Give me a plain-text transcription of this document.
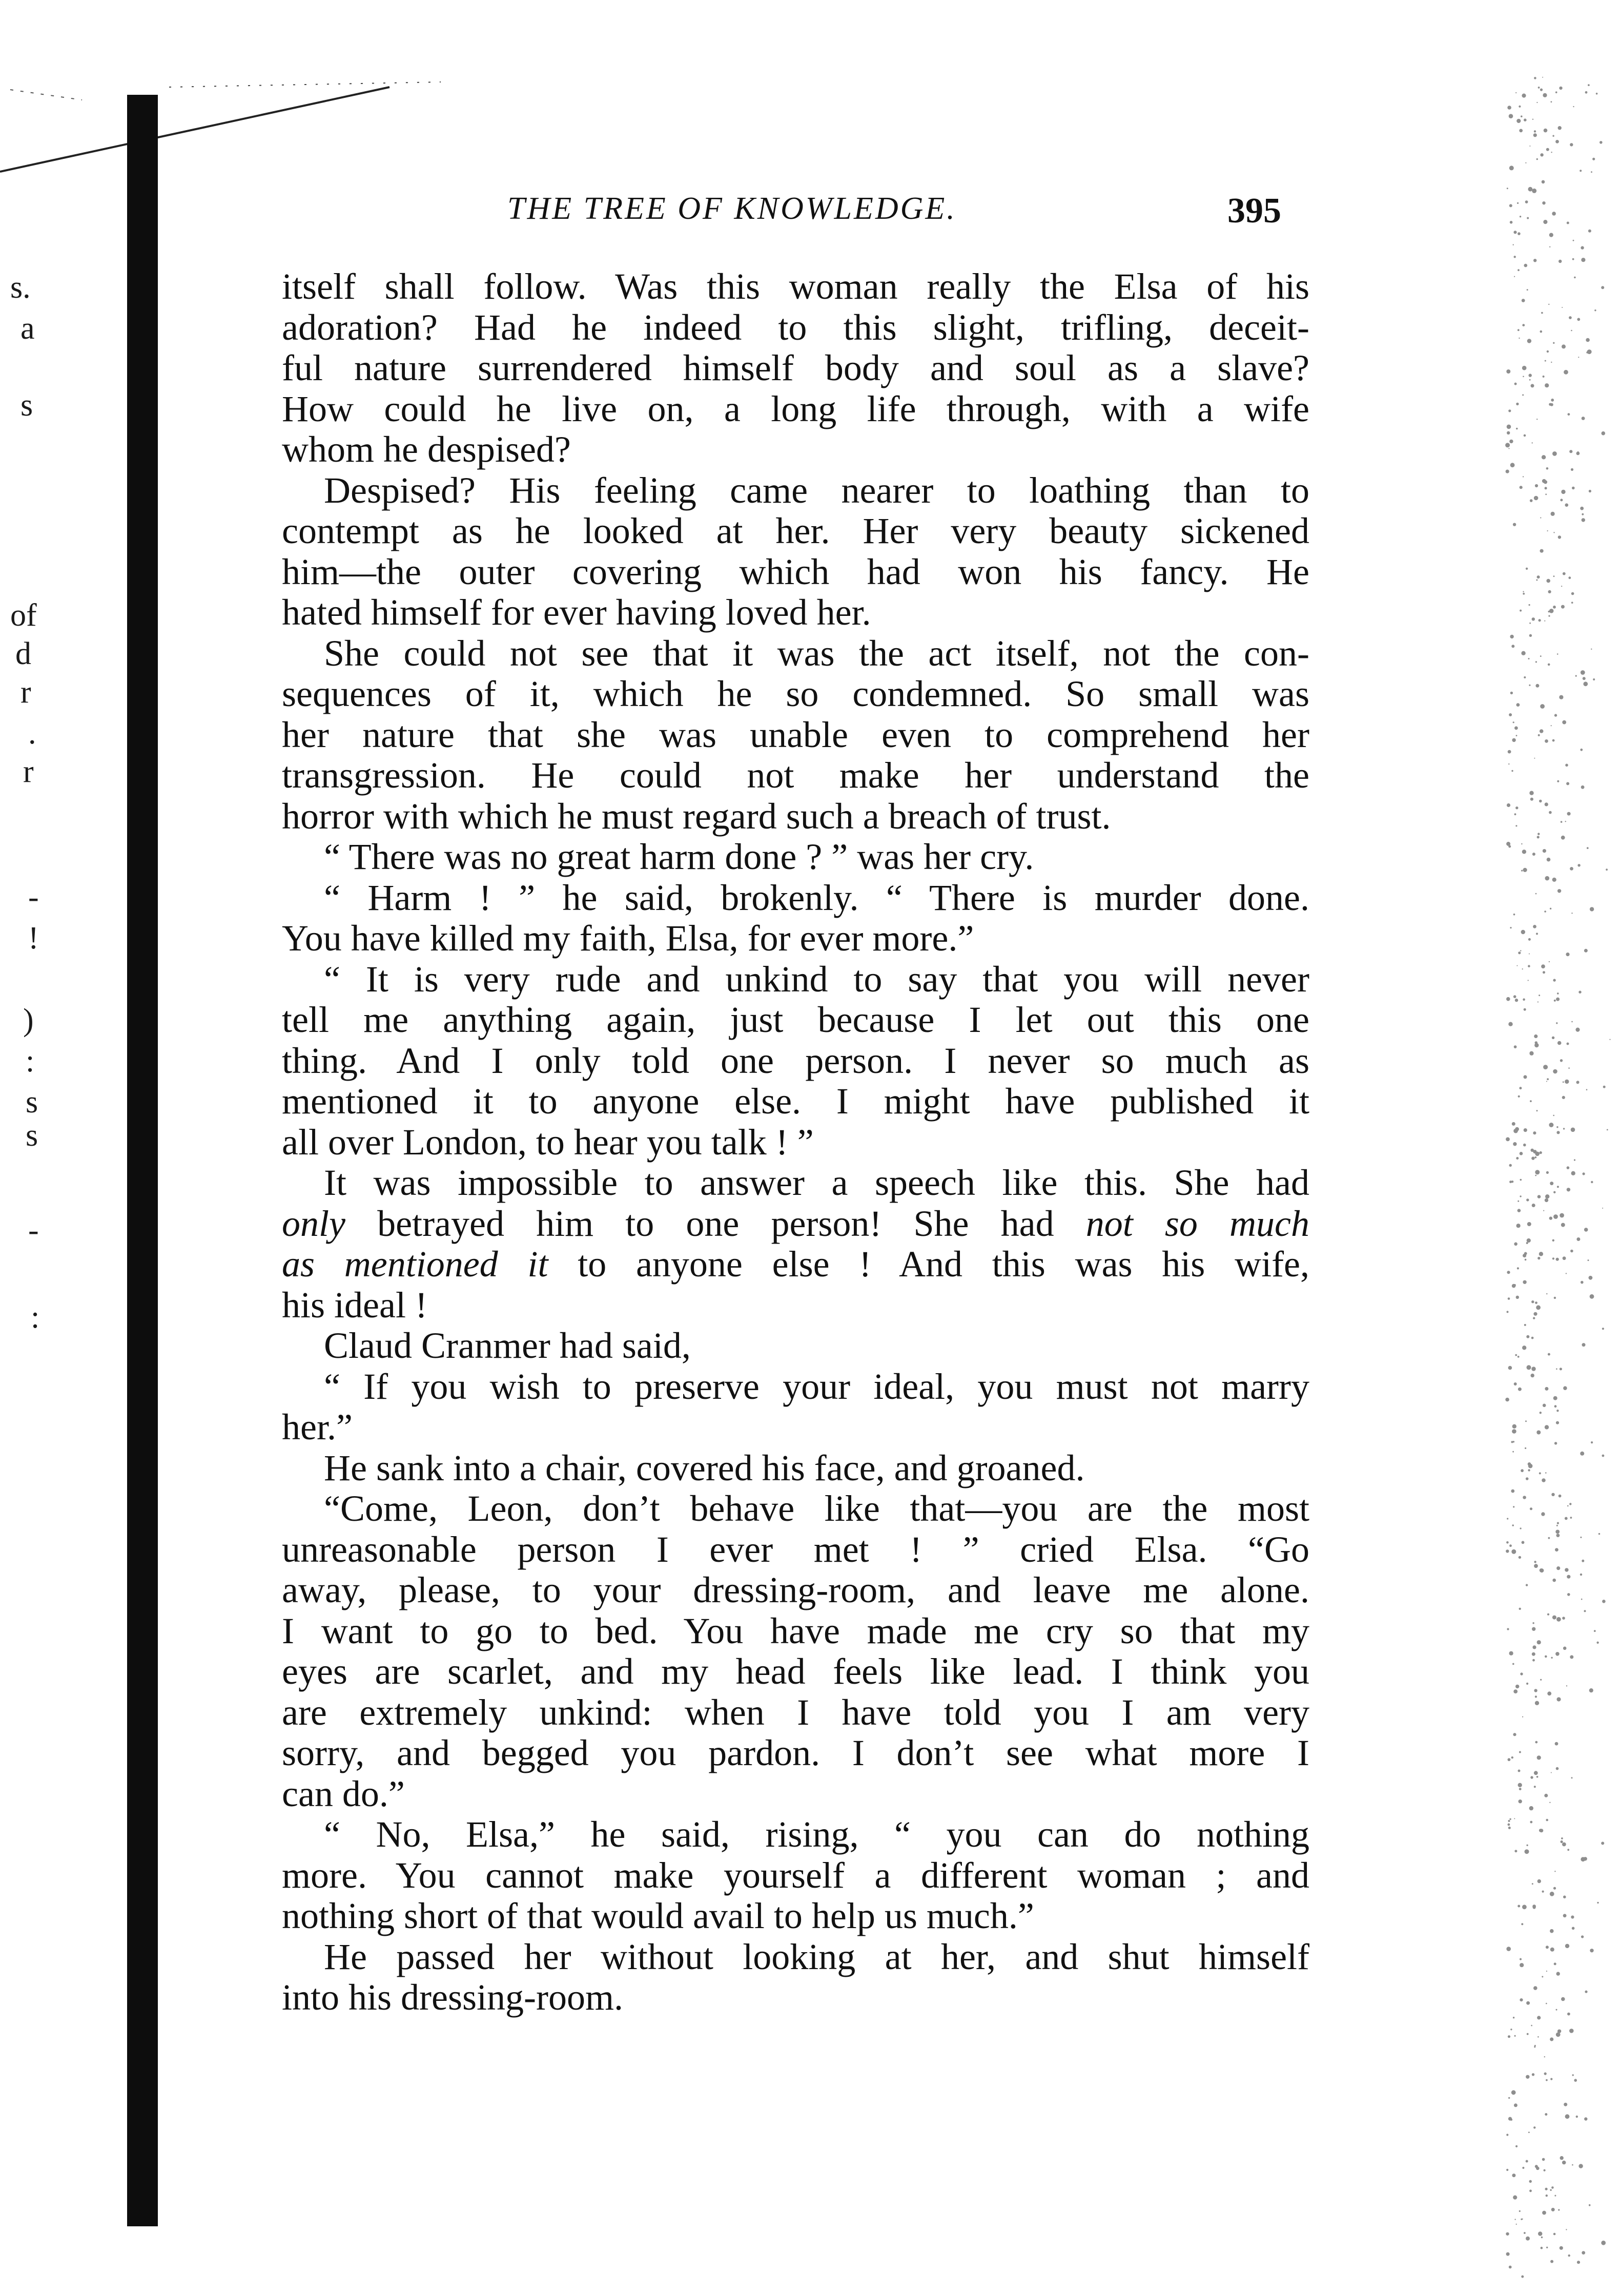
s.
a
s
of
d
r
.
r
-
!
)
:
s
s
-
:
THE TREE OF KNOWLEDGE.	395
itself shall follow. Was this woman really the Elsa of his
adoration? Had he indeed to this slight, trifling, deceit-
ful nature surrendered himself body and soul as a slave?
How could he live on, a long life through, with a wife
whom he despised?
Despised? His feeling came nearer to loathing than to
contempt as he looked at her. Her very beauty sickened
him—the outer covering which had won his fancy. He
hated himself for ever having loved her.
She could not see that it was the act itself, not the con-
sequences of it, which he so condemned. So small was
her nature that she was unable even to comprehend her
transgression. He could not make her understand the
horror with which he must regard such a breach of trust.
“ There was no great harm done ? ” was her cry.
“ Harm ! ” he said, brokenly. “ There is murder done.
You have killed my faith, Elsa, for ever more.”
“ It is very rude and unkind to say that you will never
tell me anything again, just because I let out this one
thing. And I only told one person. I never so much as
mentioned it to anyone else. I might have published it
all over London, to hear you talk ! ”
It was impossible to answer a speech like this. She had
only betrayed him to one person! She had not so much
as mentioned it to anyone else ! And this was his wife,
his ideal !
Claud Cranmer had said,
“ If you wish to preserve your ideal, you must not marry
her.”
He sank into a chair, covered his face, and groaned.
“Come, Leon, don’t behave like that—you are the most
unreasonable person I ever met ! ” cried Elsa. “Go
away, please, to your dressing-room, and leave me alone.
I want to go to bed. You have made me cry so that my
eyes are scarlet, and my head feels like lead. I think you
are extremely unkind: when I have told you I am very
sorry, and begged you pardon. I don’t see what more I
can do.”
“ No, Elsa,” he said, rising, “ you can do nothing
more. You cannot make yourself a different woman ; and
nothing short of that would avail to help us much.”
He passed her without looking at her, and shut himself
into his dressing-room.
